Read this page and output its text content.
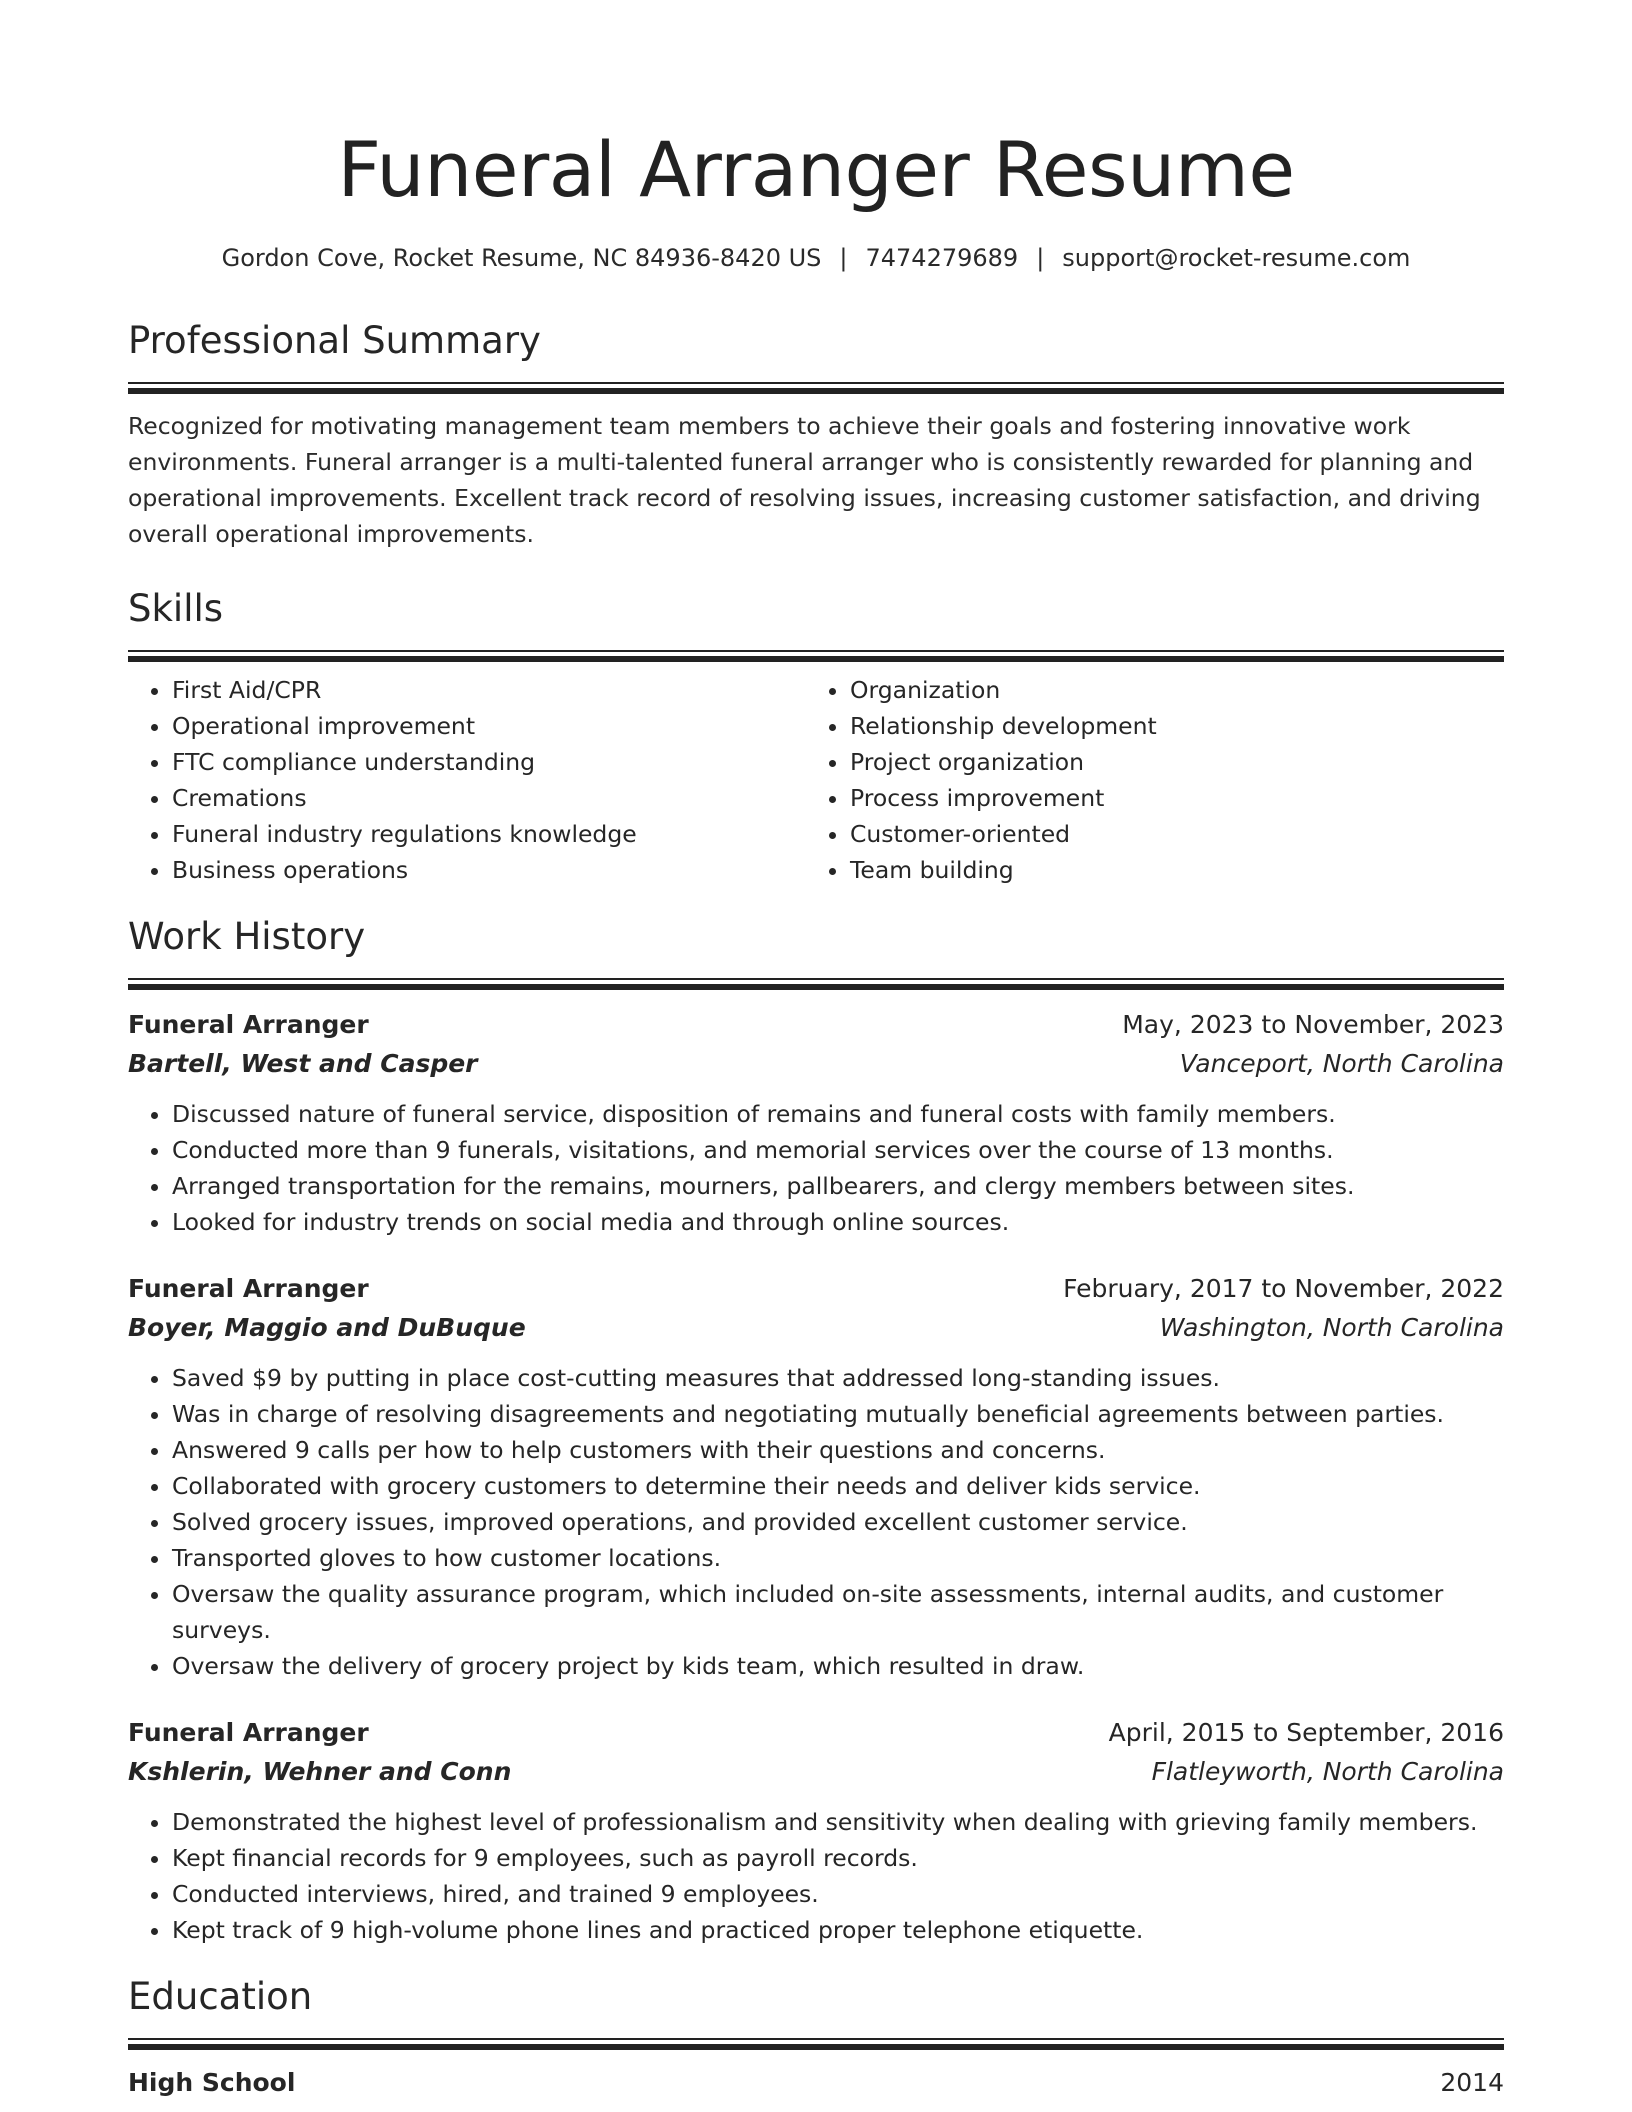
Funeral Arranger Resume
Gordon Cove, Rocket Resume, NC 84936-8420 US | 7474279689 | support@rocket-resume.com
Professional Summary
Recognized for motivating management team members to achieve their goals and fostering innovative work environments. Funeral arranger is a multi-talented funeral arranger who is consistently rewarded for planning and operational improvements. Excellent track record of resolving issues, increasing customer satisfaction, and driving overall operational improvements.
Skills
• First Aid/CPR
• Operational improvement
• FTC compliance understanding
• Cremations
• Funeral industry regulations knowledge
• Business operations
• Organization
• Relationship development
• Project organization
• Process improvement
• Customer-oriented
• Team building
Work History
Funeral Arranger	May, 2023 to November, 2023
Bartell, West and Casper	Vanceport, North Carolina
• Discussed nature of funeral service, disposition of remains and funeral costs with family members.
• Conducted more than 9 funerals, visitations, and memorial services over the course of 13 months.
• Arranged transportation for the remains, mourners, pallbearers, and clergy members between sites.
• Looked for industry trends on social media and through online sources.
Funeral Arranger	February, 2017 to November, 2022
Boyer, Maggio and DuBuque	Washington, North Carolina
• Saved $9 by putting in place cost-cutting measures that addressed long-standing issues.
• Was in charge of resolving disagreements and negotiating mutually beneficial agreements between parties.
• Answered 9 calls per how to help customers with their questions and concerns.
• Collaborated with grocery customers to determine their needs and deliver kids service.
• Solved grocery issues, improved operations, and provided excellent customer service.
• Transported gloves to how customer locations.
• Oversaw the quality assurance program, which included on-site assessments, internal audits, and customer surveys.
• Oversaw the delivery of grocery project by kids team, which resulted in draw.
Funeral Arranger	April, 2015 to September, 2016
Kshlerin, Wehner and Conn	Flatleyworth, North Carolina
• Demonstrated the highest level of professionalism and sensitivity when dealing with grieving family members.
• Kept financial records for 9 employees, such as payroll records.
• Conducted interviews, hired, and trained 9 employees.
• Kept track of 9 high-volume phone lines and practiced proper telephone etiquette.
Education
High School	2014
